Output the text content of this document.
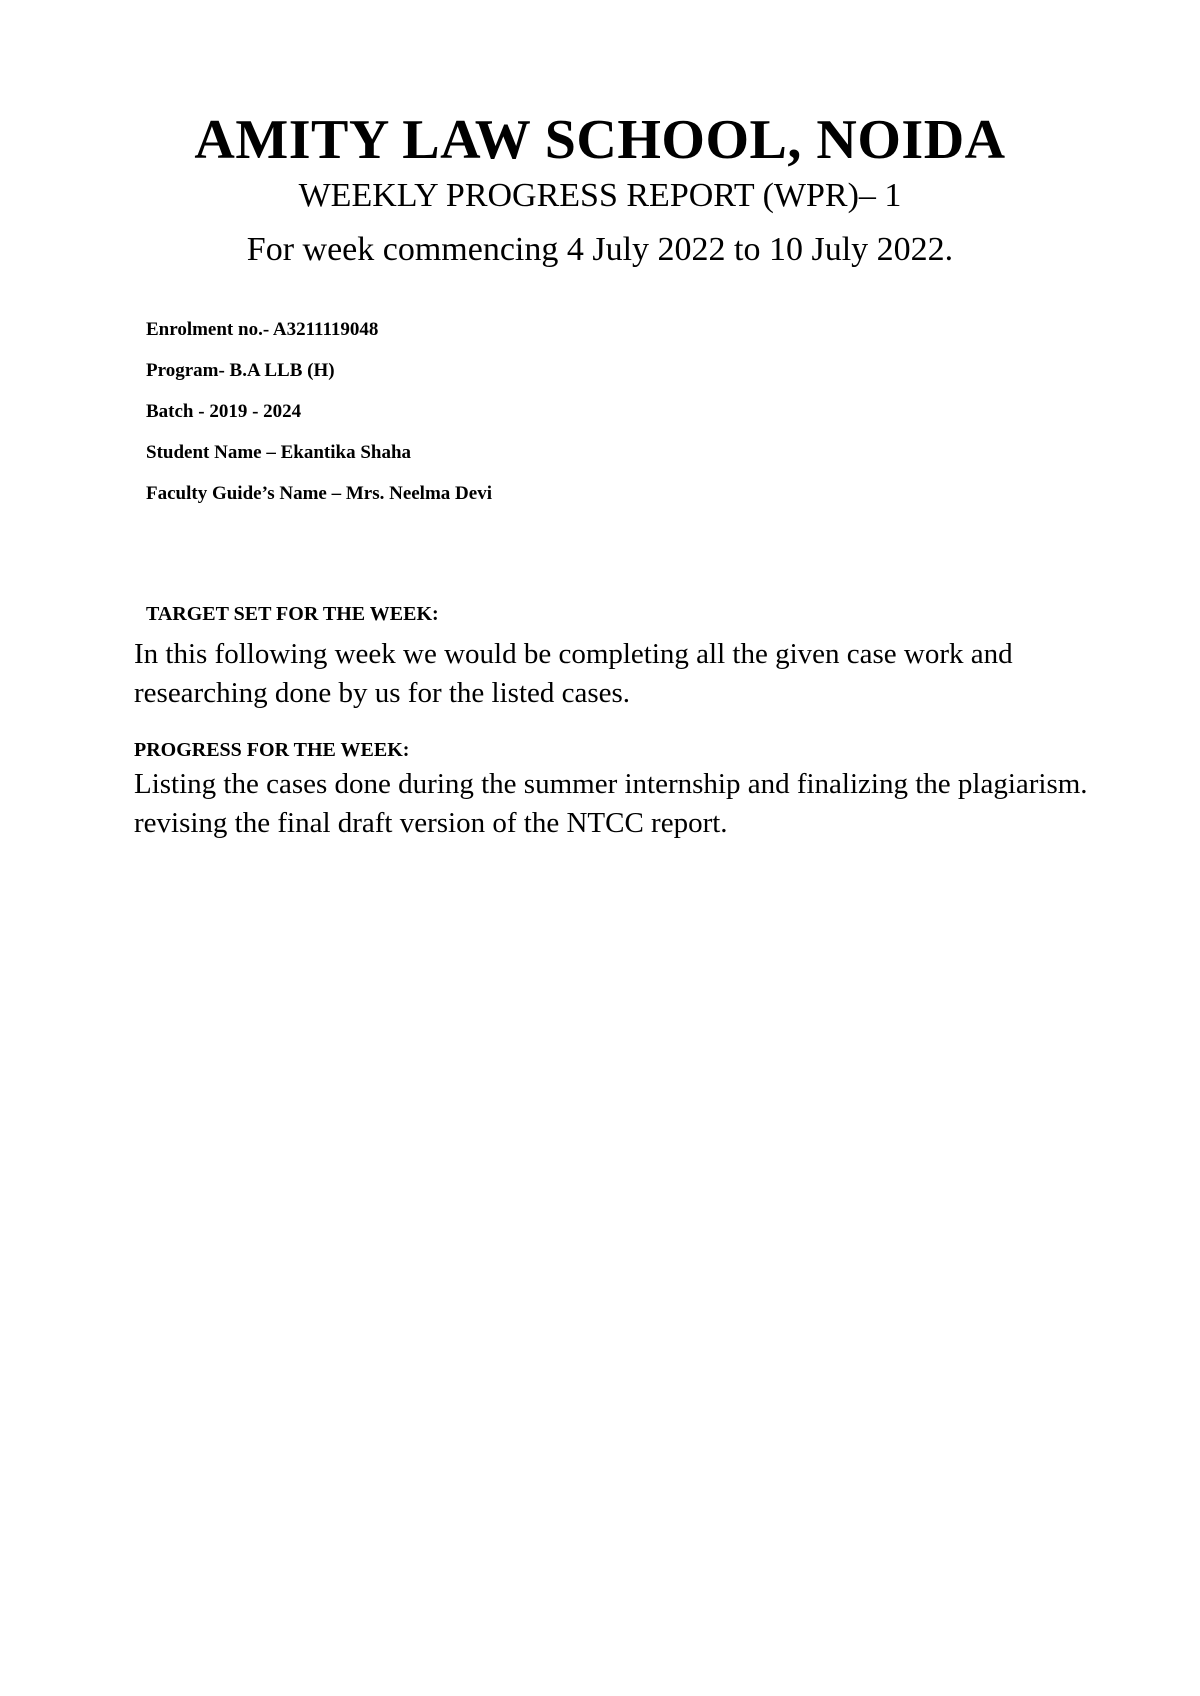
AMITY LAW SCHOOL, NOIDA
WEEKLY PROGRESS REPORT (WPR)– 1
For week commencing 4 July 2022 to 10 July 2022.
Enrolment no.- A3211119048
Program- B.A LLB (H)
Batch - 2019 - 2024
Student Name – Ekantika Shaha
Faculty Guide’s Name – Mrs. Neelma Devi
TARGET SET FOR THE WEEK:
In this following week we would be completing all the given case work and researching done by us for the listed cases.
PROGRESS FOR THE WEEK:
Listing the cases done during the summer internship and finalizing the plagiarism. revising the final draft version of the NTCC report.
